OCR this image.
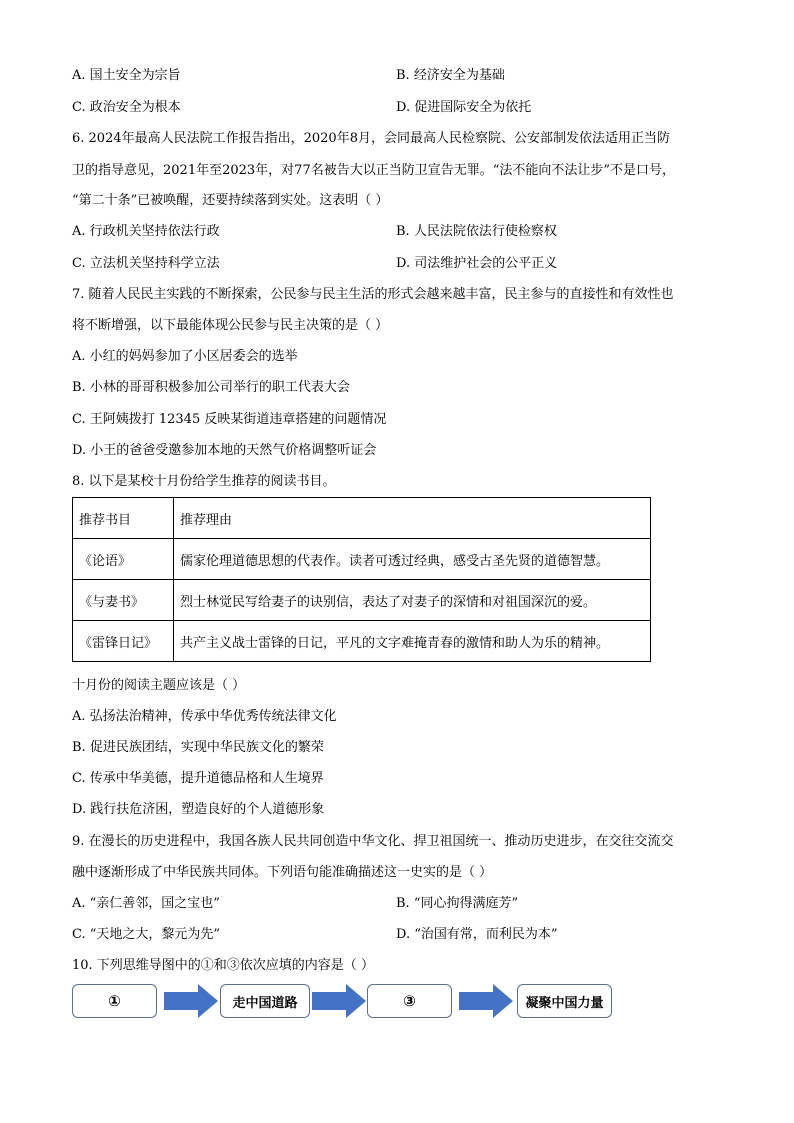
A. 国土安全为宗旨	B. 经济安全为基础
C. 政治安全为根本	D. 促进国际安全为依托
6. 2024年最高人民法院工作报告指出，2020年8月，会同最高人民检察院、公安部制发依法适用正当防
卫的指导意见，2021年至2023年，对77名被告大以正当防卫宣告无罪。“法不能向不法让步”不是口号，
“第二十条”已被唤醒，还要持续落到实处。这表明（ ）
A. 行政机关坚持依法行政	B. 人民法院依法行使检察权
C. 立法机关坚持科学立法	D. 司法维护社会的公平正义
7. 随着人民民主实践的不断探索，公民参与民主生活的形式会越来越丰富，民主参与的直接性和有效性也
将不断增强，以下最能体现公民参与民主决策的是（ ）
A. 小红的妈妈参加了小区居委会的选举
B. 小林的哥哥积极参加公司举行的职工代表大会
C. 王阿姨拨打 12345 反映某街道违章搭建的问题情况
D. 小王的爸爸受邀参加本地的天然气价格调整听证会
8. 以下是某校十月份给学生推荐的阅读书目。
推荐书目	推荐理由
《论语》	儒家伦理道德思想的代表作。读者可透过经典，感受古圣先贤的道德智慧。
《与妻书》	烈士林觉民写给妻子的诀别信，表达了对妻子的深情和对祖国深沉的爱。
《雷锋日记》	共产主义战士雷锋的日记，平凡的文字难掩青春的激情和助人为乐的精神。
十月份的阅读主题应该是（ ）
A. 弘扬法治精神，传承中华优秀传统法律文化
B. 促进民族团结，实现中华民族文化的繁荣
C. 传承中华美德，提升道德品格和人生境界
D. 践行扶危济困，塑造良好的个人道德形象
9. 在漫长的历史进程中，我国各族人民共同创造中华文化、捍卫祖国统一、推动历史进步，在交往交流交
融中逐渐形成了中华民族共同体。下列语句能准确描述这一史实的是（ ）
A. “亲仁善邻，国之宝也”	B. “同心拘得满庭芳”
C. “天地之大，黎元为先”	D. “治国有常，而利民为本”
10. 下列思维导图中的①和③依次应填的内容是（ ）
①	走中国道路	③	凝聚中国力量
